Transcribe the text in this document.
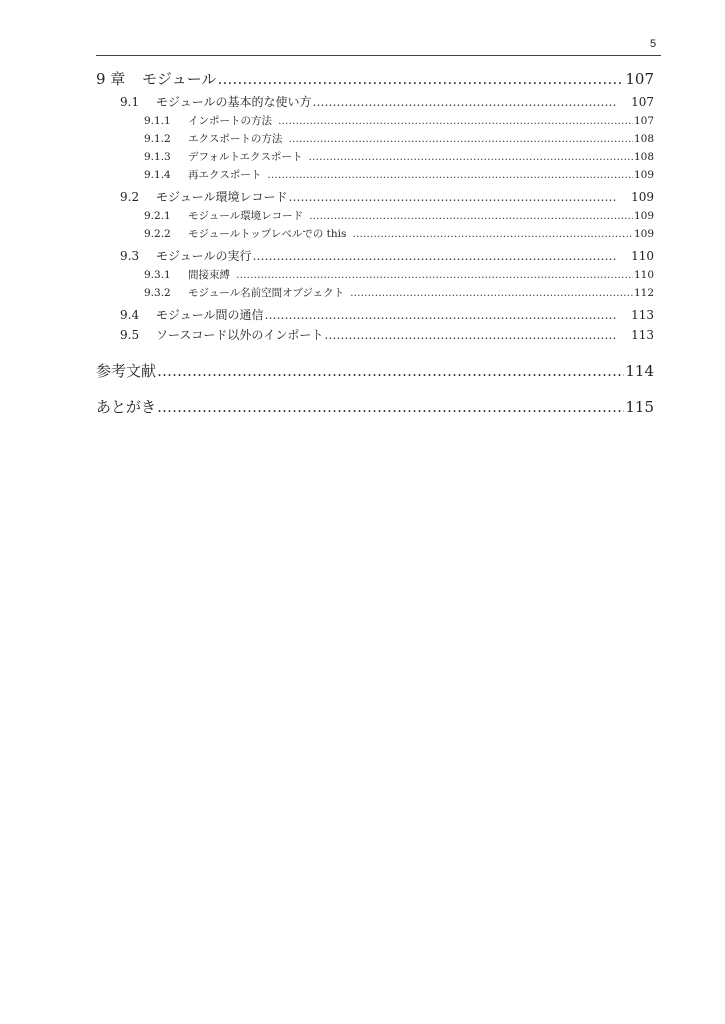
5
9 章	モジュール ………………………………………………………………………………………………………………………………………………………………………………………………………………	107
9.1	モジュールの基本的な使い方 ………………………………………………………………………………………………………………………………………………………………………………………………………………	107
9.1.1	インポートの方法 ………………………………………………………………………………………………………………………………………………………………………………………………………………	107
9.1.2	エクスポートの方法 ………………………………………………………………………………………………………………………………………………………………………………………………………………	108
9.1.3	デフォルトエクスポート ………………………………………………………………………………………………………………………………………………………………………………………………………………	108
9.1.4	再エクスポート ………………………………………………………………………………………………………………………………………………………………………………………………………………	109
9.2	モジュール環境レコード ………………………………………………………………………………………………………………………………………………………………………………………………………………	109
9.2.1	モジュール環境レコード ………………………………………………………………………………………………………………………………………………………………………………………………………………	109
9.2.2	モジュールトップレベルでの this ………………………………………………………………………………………………………………………………………………………………………………………………………………	109
9.3	モジュールの実行 ………………………………………………………………………………………………………………………………………………………………………………………………………………	110
9.3.1	間接束縛 ………………………………………………………………………………………………………………………………………………………………………………………………………………	110
9.3.2	モジュール名前空間オブジェクト ………………………………………………………………………………………………………………………………………………………………………………………………………………	112
9.4	モジュール間の通信 ………………………………………………………………………………………………………………………………………………………………………………………………………………	113
9.5	ソースコード以外のインポート ………………………………………………………………………………………………………………………………………………………………………………………………………………	113
参考文献 ………………………………………………………………………………………………………………………………………………………………………………………………………………	114
あとがき ………………………………………………………………………………………………………………………………………………………………………………………………………………	115
